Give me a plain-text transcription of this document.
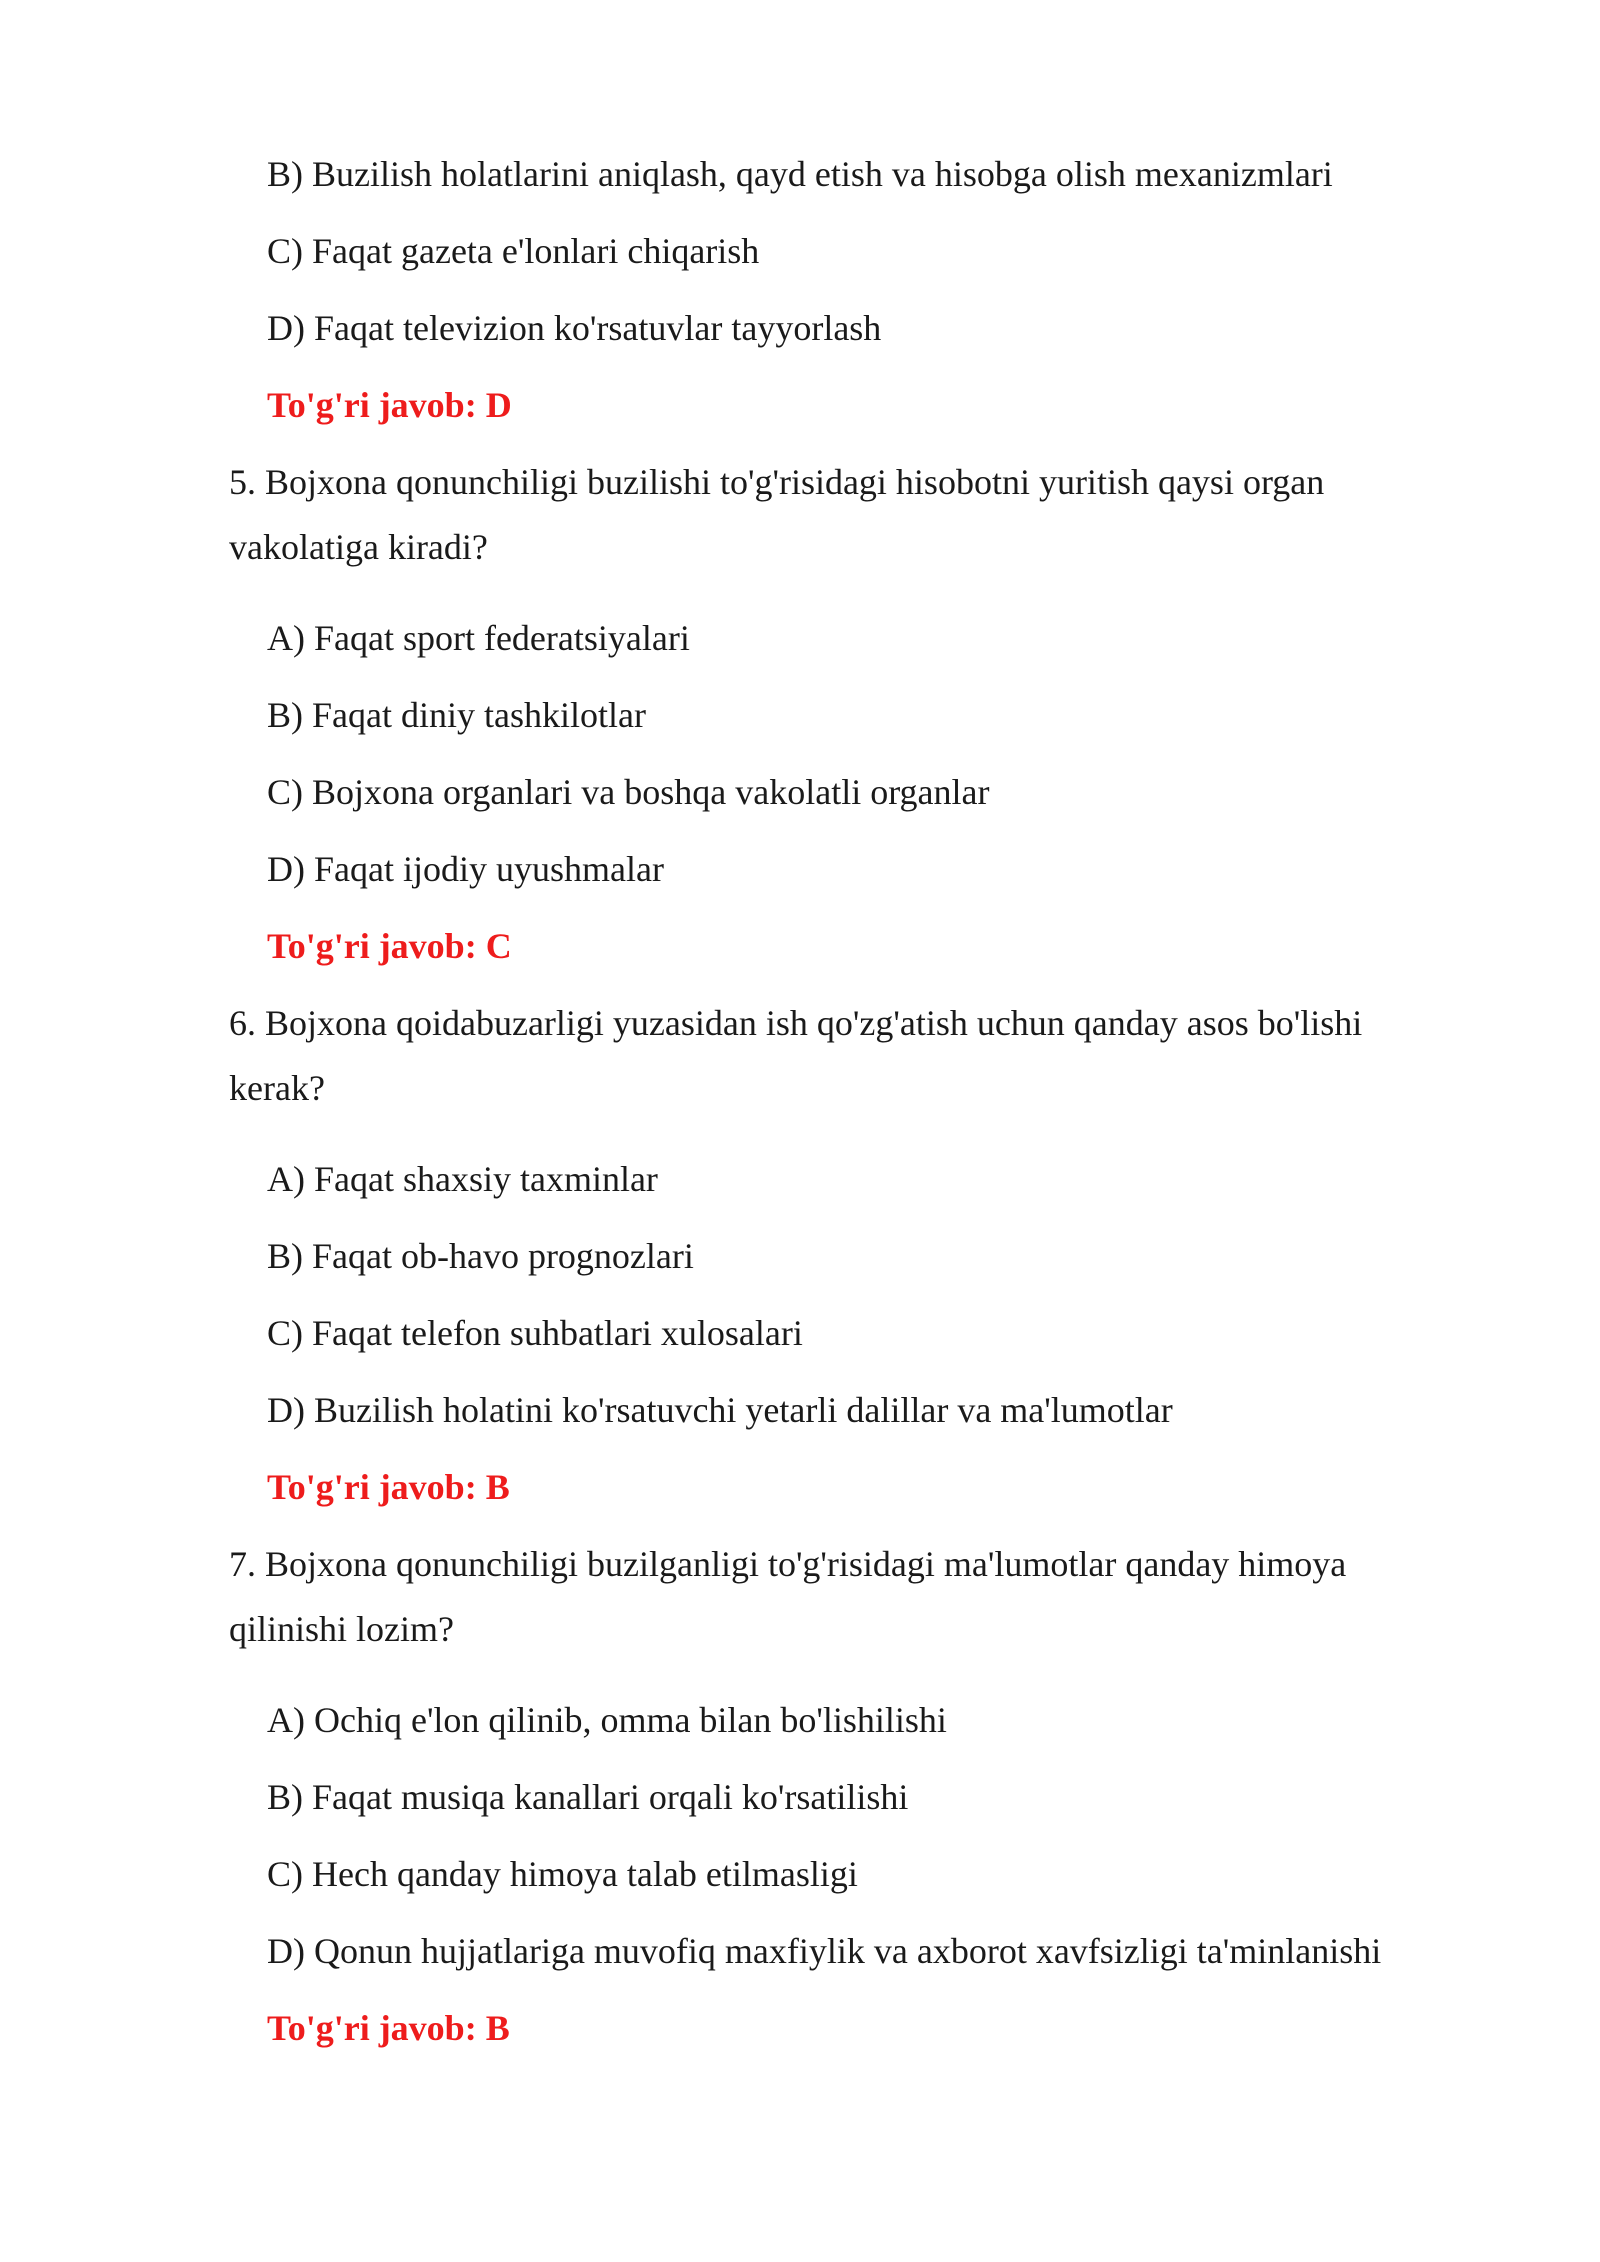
B) Buzilish holatlarini aniqlash, qayd etish va hisobga olish mexanizmlari
C) Faqat gazeta e'lonlari chiqarish
D) Faqat televizion ko'rsatuvlar tayyorlash
To'g'ri javob: D
5. Bojxona qonunchiligi buzilishi to'g'risidagi hisobotni yuritish qaysi organ
vakolatiga kiradi?
A) Faqat sport federatsiyalari
B) Faqat diniy tashkilotlar
C) Bojxona organlari va boshqa vakolatli organlar
D) Faqat ijodiy uyushmalar
To'g'ri javob: C
6. Bojxona qoidabuzarligi yuzasidan ish qo'zg'atish uchun qanday asos bo'lishi
kerak?
A) Faqat shaxsiy taxminlar
B) Faqat ob-havo prognozlari
C) Faqat telefon suhbatlari xulosalari
D) Buzilish holatini ko'rsatuvchi yetarli dalillar va ma'lumotlar
To'g'ri javob: B
7. Bojxona qonunchiligi buzilganligi to'g'risidagi ma'lumotlar qanday himoya
qilinishi lozim?
A) Ochiq e'lon qilinib, omma bilan bo'lishilishi
B) Faqat musiqa kanallari orqali ko'rsatilishi
C) Hech qanday himoya talab etilmasligi
D) Qonun hujjatlariga muvofiq maxfiylik va axborot xavfsizligi ta'minlanishi
To'g'ri javob: B
